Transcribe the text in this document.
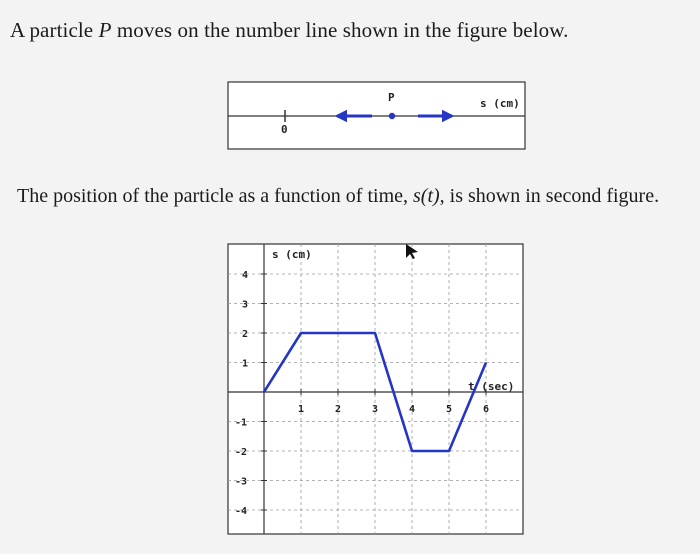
A particle P moves on the number line shown in the figure below.
0
P	s (cm)
The position of the particle as a function of time, s(t), is shown in second figure.
1	2	3	4	5	6
4
3
2
1
-1
-2
-3
-4
s (cm)
t (sec)
